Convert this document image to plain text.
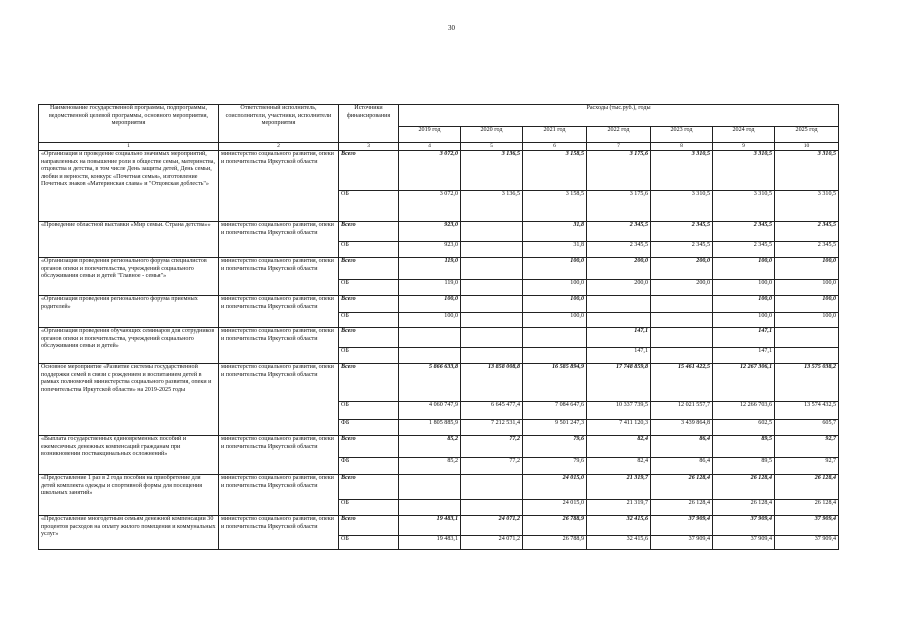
30
Наименование государственной программы, подпрограммы, ведомственной целевой программы, основного мероприятия, мероприятия	Ответственный исполнитель, соисполнители, участники, исполнители мероприятия	Источники финансирования	Расходы (тыс.руб.), годы						
			2019 год	2020 год	2021 год	2022 год	2023 год	2024 год	2025 год
1	2	3	4	5	6	7	8	9	10
«Организация и проведение социально значимых мероприятий, направленных на повышение роли в обществе семьи, материнства, отцовства и детства, в том числе День защиты детей, День семьи, любви и верности, конкурс «Почетная семья», изготовление Почетных знаков «Материнская слава» и "Отцовская доблесть"»	министерство социального развития, опеки и попечительства Иркутской области	Всего	3 072,0	3 136,5	3 158,5	3 175,6	3 310,5	3 310,5	3 310,5
		ОБ	3 072,0	3 136,5	3 158,5	3 175,6	3 310,5	3 310,5	3 310,5
«Проведение областной выставки «Мир семьи. Страна детства»»	министерство социального развития, опеки и попечительства Иркутской области	Всего	923,0		31,8	2 345,5	2 345,5	2 345,5	2 345,5
		ОБ	923,0		31,8	2 345,5	2 345,5	2 345,5	2 345,5
«Организация проведения регионального форума специалистов органов опеки и попечительства, учреждений социального обслуживания семьи и детей "Главное - семья"»	министерство социального развития, опеки и попечительства Иркутской области	Всего	119,0		100,0	200,0	200,0	100,0	100,0
		ОБ	119,0		100,0	200,0	200,0	100,0	100,0
«Организация проведения регионального форума приемных родителей»	министерство социального развития, опеки и попечительства Иркутской области	Всего	100,0		100,0			100,0	100,0
		ОБ	100,0		100,0			100,0	100,0
«Организация проведения обучающих семинаров для сотрудников органов опеки и попечительства, учреждений социального обслуживания семьи и детей»	министерство социального развития, опеки и попечительства Иркутской области	Всего				147,1		147,1	
		ОБ				147,1		147,1	
Основное мероприятие «Развитие системы государственной поддержки семей в связи с рождением и воспитанием детей в рамках полномочий министерства социального развития, опеки и попечительства Иркутской области» на 2019-2025 годы	министерство социального развития, опеки и попечительства Иркутской области	Всего	5 866 633,8	13 858 008,8	16 585 894,9	17 748 859,8	15 461 422,5	12 267 306,1	13 575 038,2
		ОБ	4 060 747,9	6 645 477,4	7 084 647,6	10 337 739,5	12 021 557,7	12 266 703,6	13 574 432,5
		ФБ	1 805 885,9	7 212 531,4	9 501 247,3	7 411 120,3	3 439 864,8	602,5	605,7
«Выплата государственных единовременных пособий и ежемесячных денежных компенсаций гражданам при возникновении поствакцинальных осложнений»	министерство социального развития, опеки и попечительства Иркутской области	Всего	85,2	77,2	79,6	82,4	86,4	89,5	92,7
		ФБ	85,2	77,2	79,6	82,4	86,4	89,5	92,7
«Предоставление 1 раз в 2 года пособия на приобретение для детей комплекта одежды и спортивной формы для посещения школьных занятий»	министерство социального развития, опеки и попечительства Иркутской области	Всего			24 015,0	21 319,7	26 128,4	26 128,4	26 128,4
		ОБ			24 015,0	21 319,7	26 128,4	26 128,4	26 128,4
«Предоставление многодетным семьям денежной компенсации 30 процентов расходов на оплату жилого помещения и коммунальных услуг»	министерство социального развития, опеки и попечительства Иркутской области	Всего	19 483,1	24 071,2	26 788,9	32 415,6	37 909,4	37 909,4	37 909,4
		ОБ	19 483,1	24 071,2	26 788,9	32 415,6	37 909,4	37 909,4	37 909,4
